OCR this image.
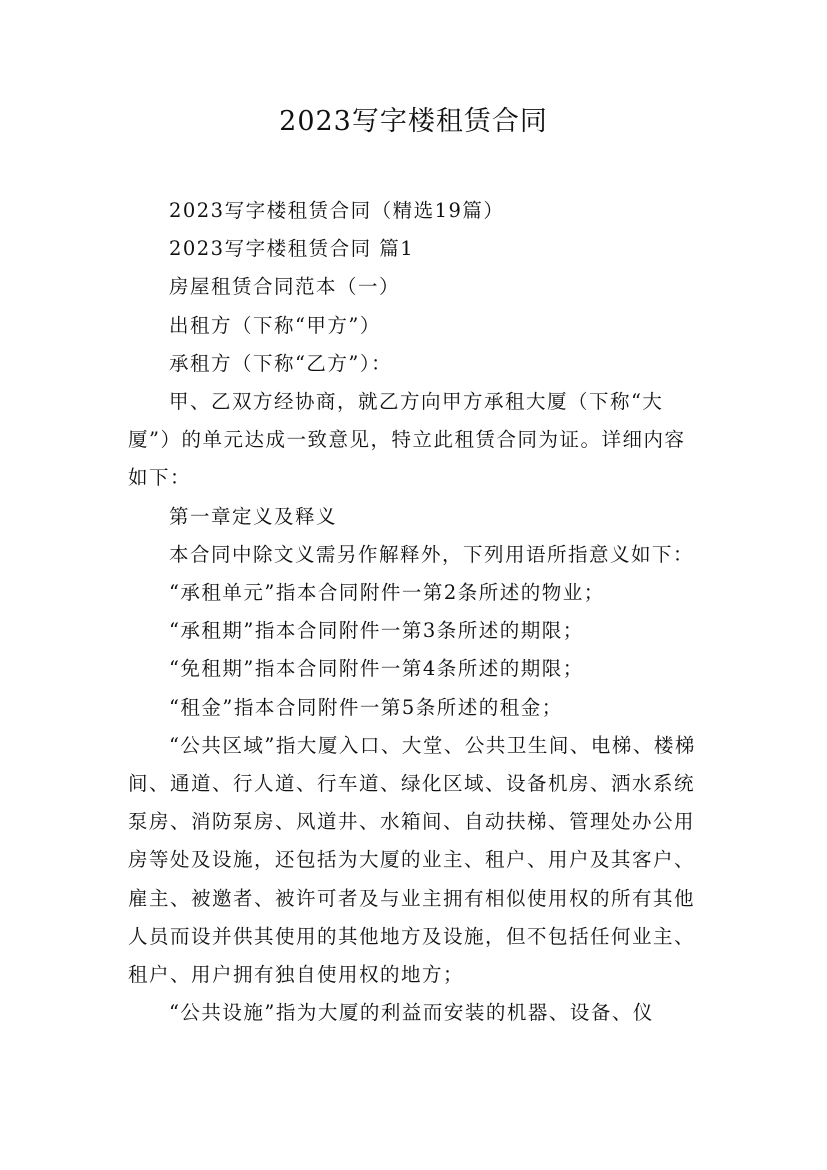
2023写字楼租赁合同

2023写字楼租赁合同（精选19篇）

2023写字楼租赁合同 篇1

房屋租赁合同范本（一）

出租方（下称“甲方”）

承租方（下称“乙方”）：

甲、乙双方经协商，就乙方向甲方承租大厦（下称“大厦”）的单元达成一致意见，特立此租赁合同为证。详细内容如下：

第一章定义及释义

本合同中除文义需另作解释外，下列用语所指意义如下：

“承租单元”指本合同附件一第2条所述的物业；

“承租期”指本合同附件一第3条所述的期限；

“免租期”指本合同附件一第4条所述的期限；

“租金”指本合同附件一第5条所述的租金；

“公共区域”指大厦入口、大堂、公共卫生间、电梯、楼梯间、通道、行人道、行车道、绿化区域、设备机房、洒水系统泵房、消防泵房、风道井、水箱间、自动扶梯、管理处办公用房等处及设施，还包括为大厦的业主、租户、用户及其客户、雇主、被邀者、被许可者及与业主拥有相似使用权的所有其他人员而设并供其使用的其他地方及设施，但不包括任何业主、租户、用户拥有独自使用权的地方；

“公共设施”指为大厦的利益而安装的机器、设备、仪
